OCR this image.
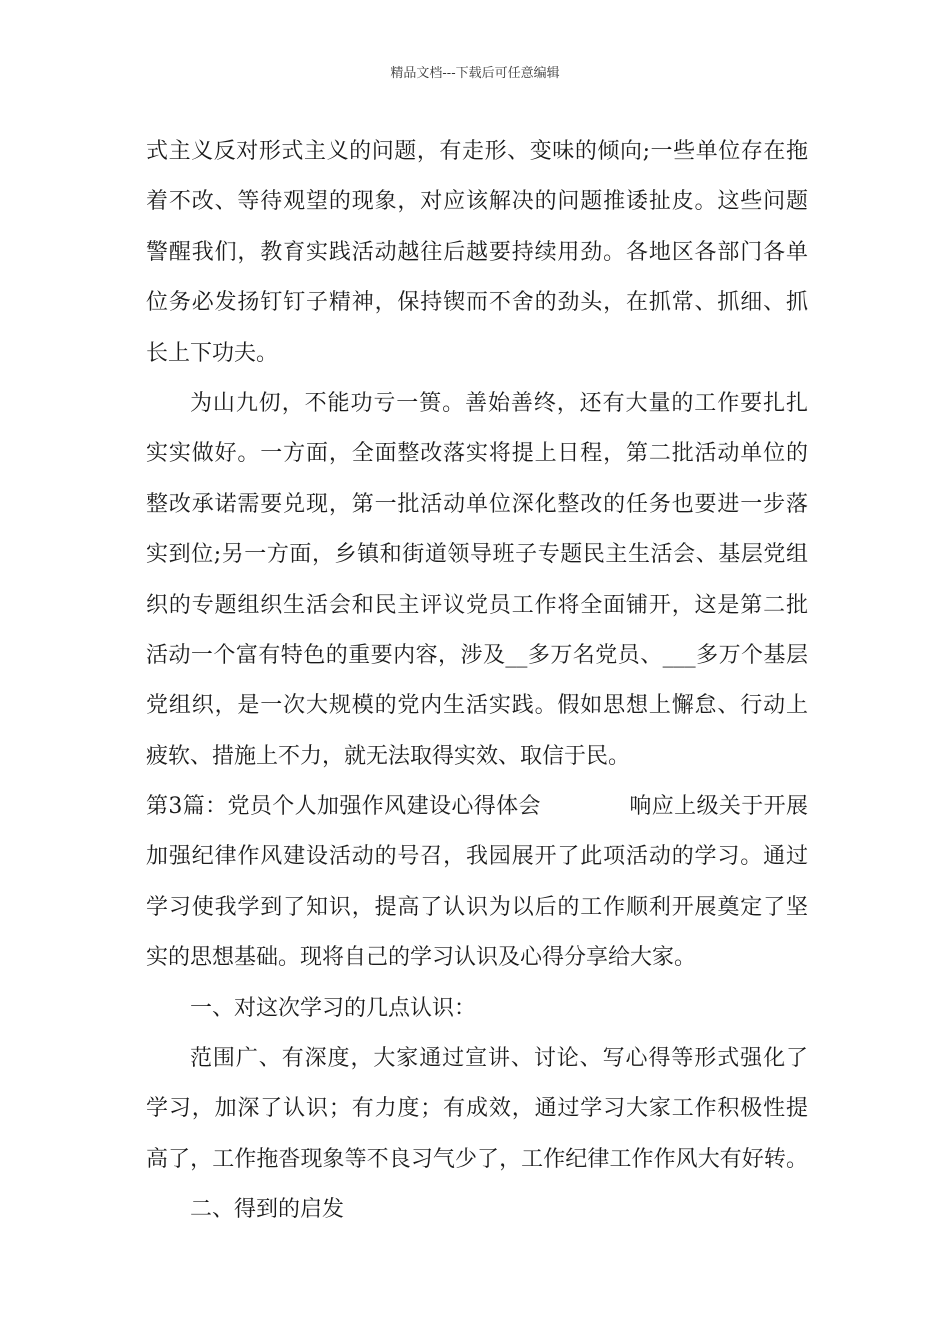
精品文档---下载后可任意编辑
式主义反对形式主义的问题，有走形、变味的倾向;一些单位存在拖
着不改、等待观望的现象，对应该解决的问题推诿扯皮。这些问题
警醒我们，教育实践活动越往后越要持续用劲。各地区各部门各单
位务必发扬钉钉子精神，保持锲而不舍的劲头，在抓常、抓细、抓
长上下功夫。
为山九仞，不能功亏一篑。善始善终，还有大量的工作要扎扎
实实做好。一方面，全面整改落实将提上日程，第二批活动单位的
整改承诺需要兑现，第一批活动单位深化整改的任务也要进一步落
实到位;另一方面，乡镇和街道领导班子专题民主生活会、基层党组
织的专题组织生活会和民主评议党员工作将全面铺开，这是第二批
活动一个富有特色的重要内容，涉及__多万名党员、___多万个基层
党组织，是一次大规模的党内生活实践。假如思想上懈怠、行动上
疲软、措施上不力，就无法取得实效、取信于民。
第3篇：党员个人加强作风建设心得体会            响应上级关于开展
加强纪律作风建设活动的号召，我园展开了此项活动的学习。通过
学习使我学到了知识，提高了认识为以后的工作顺利开展奠定了坚
实的思想基础。现将自己的学习认识及心得分享给大家。
一、对这次学习的几点认识：
范围广、有深度，大家通过宣讲、讨论、写心得等形式强化了
学习，加深了认识；有力度；有成效，通过学习大家工作积极性提
高了，工作拖沓现象等不良习气少了，工作纪律工作作风大有好转。
二、得到的启发
